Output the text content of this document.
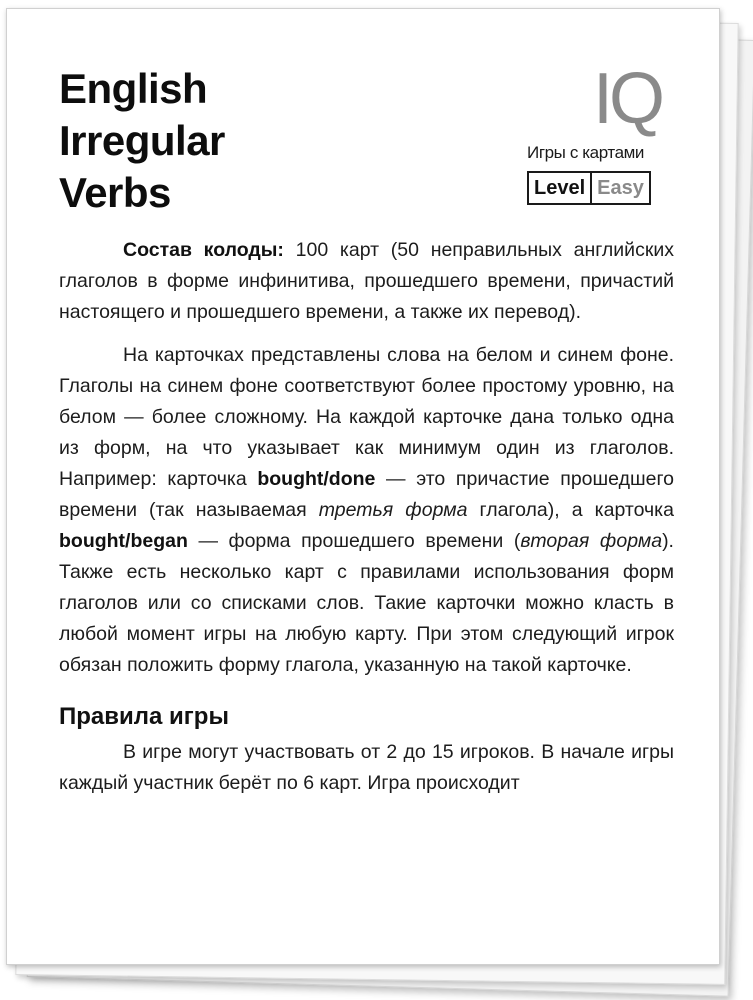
English
Irregular
Verbs
IQ
Игры с картами
Level Easy

Состав колоды: 100 карт (50 неправильных английских глаголов в форме инфинитива, прошедшего времени, причастий настоящего и прошедшего времени, а также их перевод).

На карточках представлены слова на белом и синем фоне. Глаголы на синем фоне соответствуют более простому уровню, на белом — более сложному. На каждой карточке дана только одна из форм, на что указывает как минимум один из глаголов. Например: карточка bought/done — это причастие прошедшего времени (так называемая третья форма глагола), а карточка bought/began — форма прошедшего времени (вторая форма). Также есть несколько карт с правилами использования форм глаголов или со списками слов. Такие карточки можно класть в любой момент игры на любую карту. При этом следующий игрок обязан положить форму глагола, указанную на такой карточке.

Правила игры

В игре могут участвовать от 2 до 15 игроков. В начале игры каждый участник берёт по 6 карт. Игра происходит
